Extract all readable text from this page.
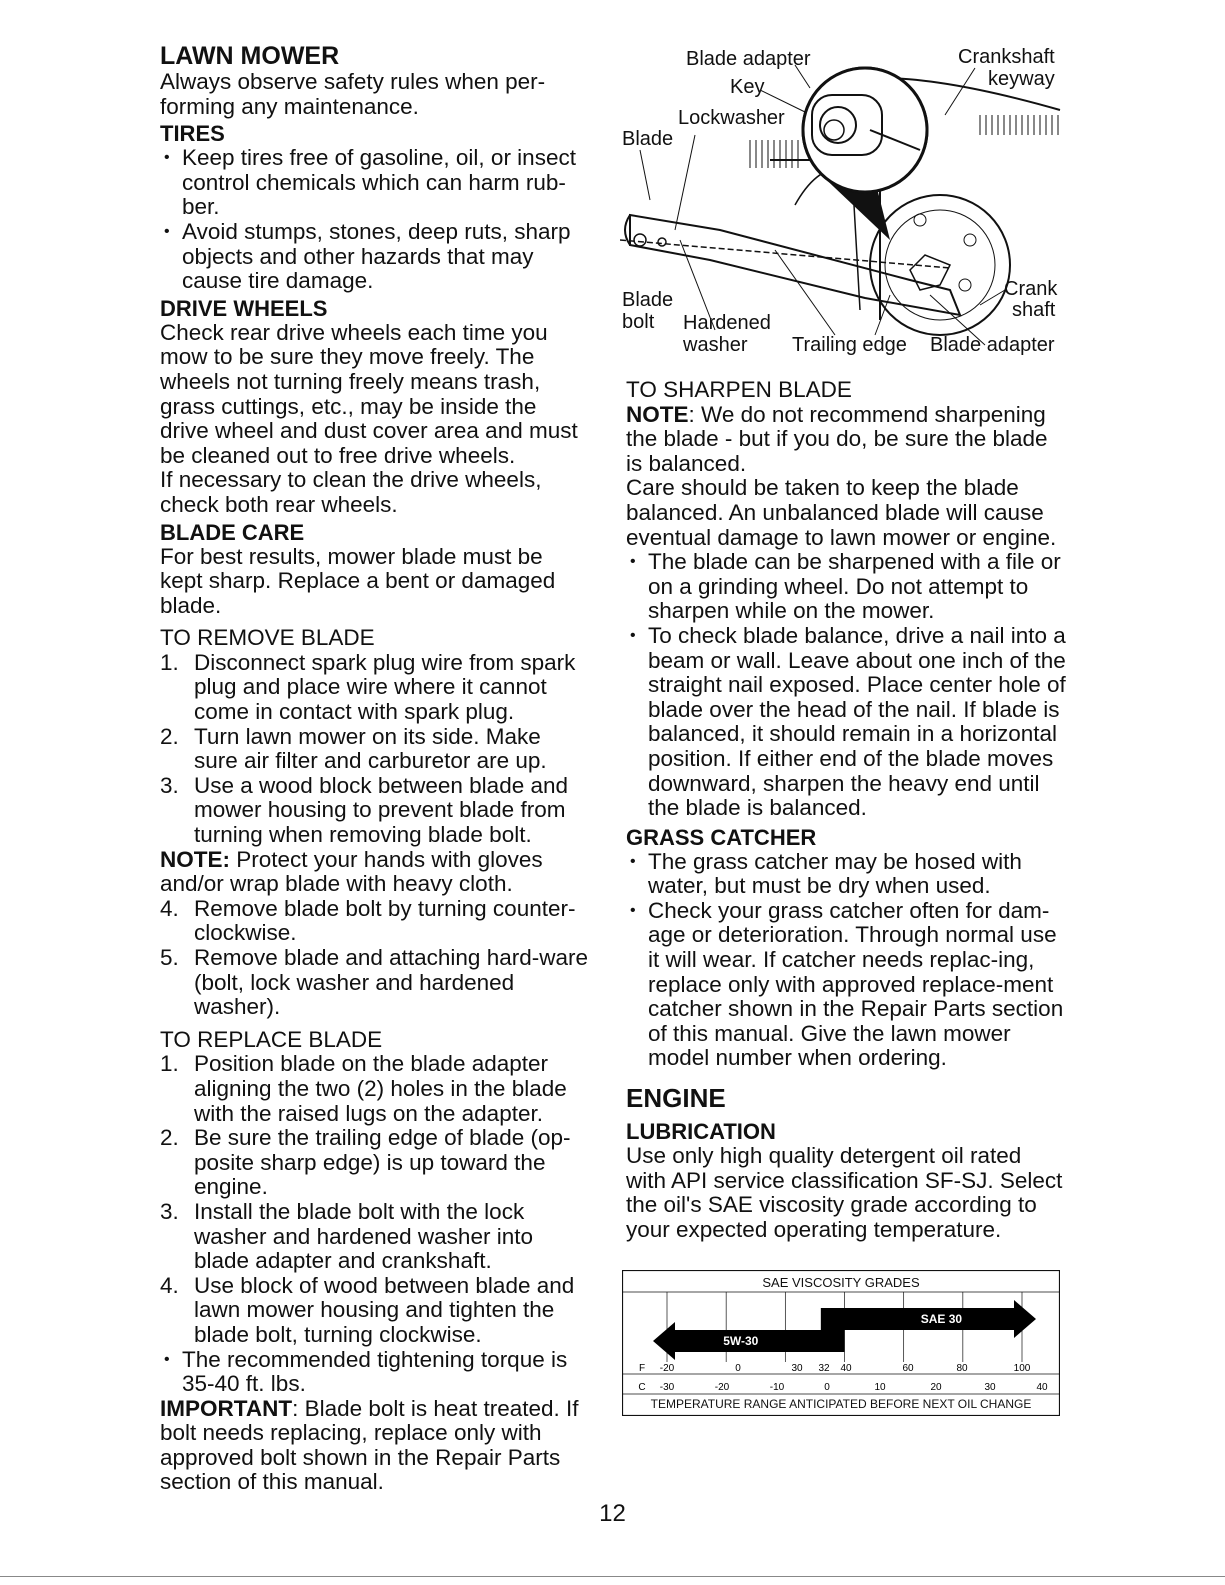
LAWN MOWER

Always observe safety rules when per-forming any maintenance.

TIRES
• Keep tires free of gasoline, oil, or insect control chemicals which can harm rub-ber.
• Avoid stumps, stones, deep ruts, sharp objects and other hazards that may cause tire damage.
DRIVE WHEELS

Check rear drive wheels each time you mow to be sure they move freely. The wheels not turning freely means trash, grass cuttings, etc., may be inside the drive wheel and dust cover area and must be cleaned out to free drive wheels.

If necessary to clean the drive wheels, check both rear wheels.

BLADE CARE

For best results, mower blade must be kept sharp. Replace a bent or damaged blade.

TO REMOVE BLADE
1. Disconnect spark plug wire from spark plug and place wire where it cannot come in contact with spark plug.
2. Turn lawn mower on its side. Make sure air filter and carburetor are up.
3. Use a wood block between blade and mower housing to prevent blade from turning when removing blade bolt.

NOTE: Protect your hands with gloves and/or wrap blade with heavy cloth.

4. Remove blade bolt by turning counter-clockwise.
5. Remove blade and attaching hard-ware (bolt, lock washer and hardened washer).
TO REPLACE BLADE
1. Position blade on the blade adapter aligning the two (2) holes in the blade with the raised lugs on the adapter.
2. Be sure the trailing edge of blade (op-posite sharp edge) is up toward the engine.
3. Install the blade bolt with the lock washer and hardened washer into blade adapter and crankshaft.
4. Use block of wood between blade and lawn mower housing and tighten the blade bolt, turning clockwise.
• The recommended tightening torque is 35-40 ft. lbs.

IMPORTANT: Blade bolt is heat treated. If bolt needs replacing, replace only with approved bolt shown in the Repair Parts section of this manual.

Blade adapter
Key
Lockwasher
Blade
Crankshaft
keyway
Crank
shaft
Blade
bolt Hardened
washer Trailing edge Blade adapter
TO SHARPEN BLADE

NOTE: We do not recommend sharpening the blade - but if you do, be sure the blade is balanced.

Care should be taken to keep the blade balanced. An unbalanced blade will cause eventual damage to lawn mower or engine.

• The blade can be sharpened with a file or on a grinding wheel. Do not attempt to sharpen while on the mower.
• To check blade balance, drive a nail into a beam or wall. Leave about one inch of the straight nail exposed. Place center hole of blade over the head of the nail. If blade is balanced, it should remain in a horizontal position. If either end of the blade moves downward, sharpen the heavy end until the blade is balanced.
GRASS CATCHER
• The grass catcher may be hosed with water, but must be dry when used.
• Check your grass catcher often for dam-age or deterioration. Through normal use it will wear. If catcher needs replac-ing, replace only with approved replace-ment catcher shown in the Repair Parts section of this manual. Give the lawn mower model number when ordering.
ENGINE
LUBRICATION

Use only high quality detergent oil rated with API service classification SF-SJ. Select the oil's SAE viscosity grade according to your expected operating temperature.

SAE 30
5W-30
F -20	0	30 32 40	60	80	100
C -30	-20	-10	0	10	20	30	40
SAE VISCOSITY GRADES
TEMPERATURE RANGE ANTICIPATED BEFORE NEXT OIL CHANGE
12
